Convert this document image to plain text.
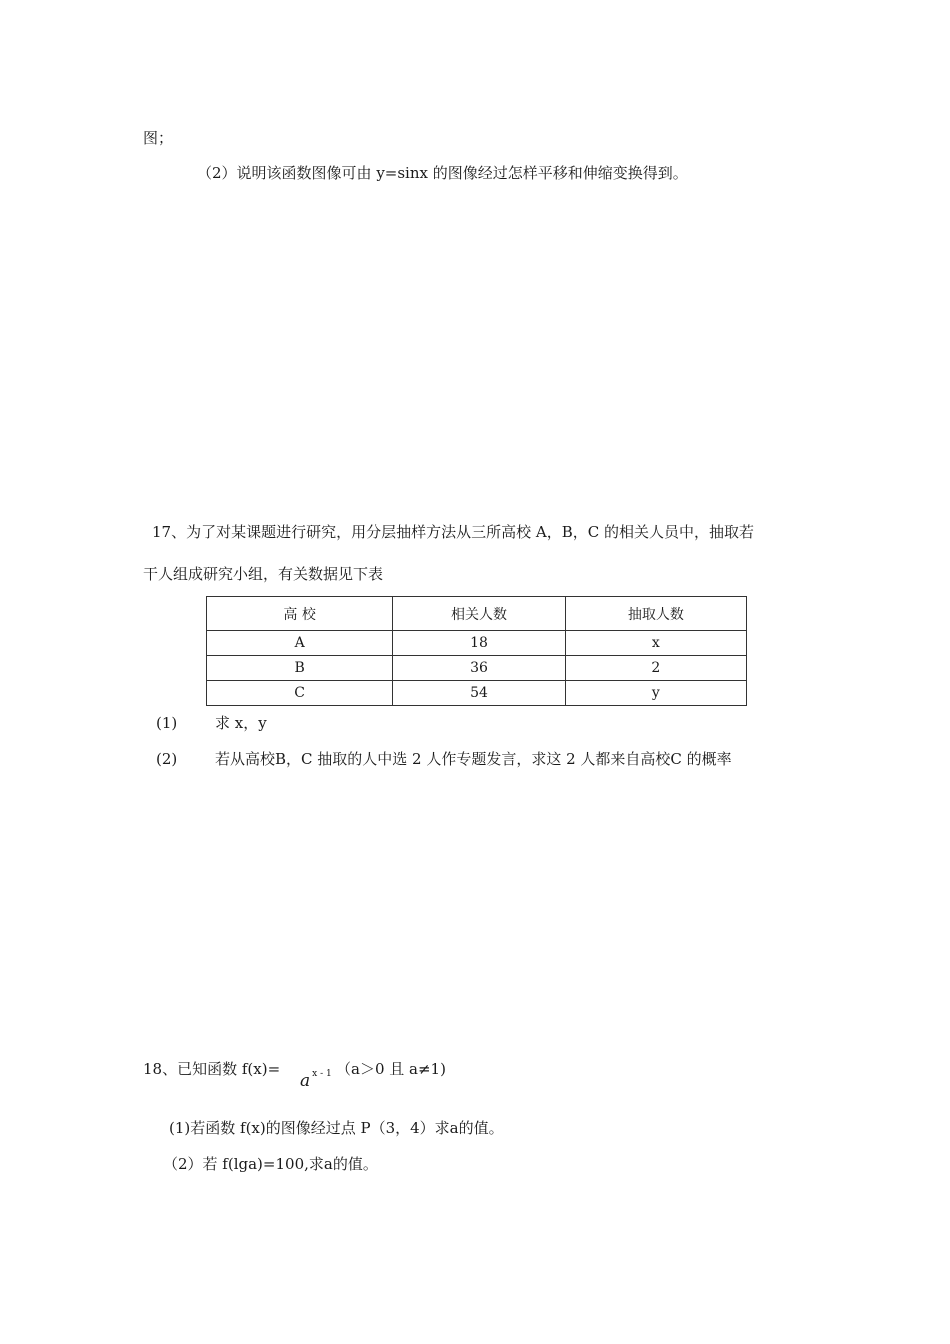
图；
（2）说明该函数图像可由 y=sinx 的图像经过怎样平移和伸缩变换得到。
17、为了对某课题进行研究，用分层抽样方法从三所高校 A，B，C 的相关人员中，抽取若
干人组成研究小组，有关数据见下表
高 校	相关人数	抽取人数
A	18	x
B	36	2
C	54	y
(1)	求 x，y
(2)	若从高校B，C 抽取的人中选 2 人作专题发言，求这 2 人都来自高校C 的概率
18、已知函数 f(x)=
a $^{x - 1}$ （a＞0 且 a≠1)
(1)若函数 f(x)的图像经过点 P（3，4）求a的值。
（2）若 f(lga)=100,求a的值。
